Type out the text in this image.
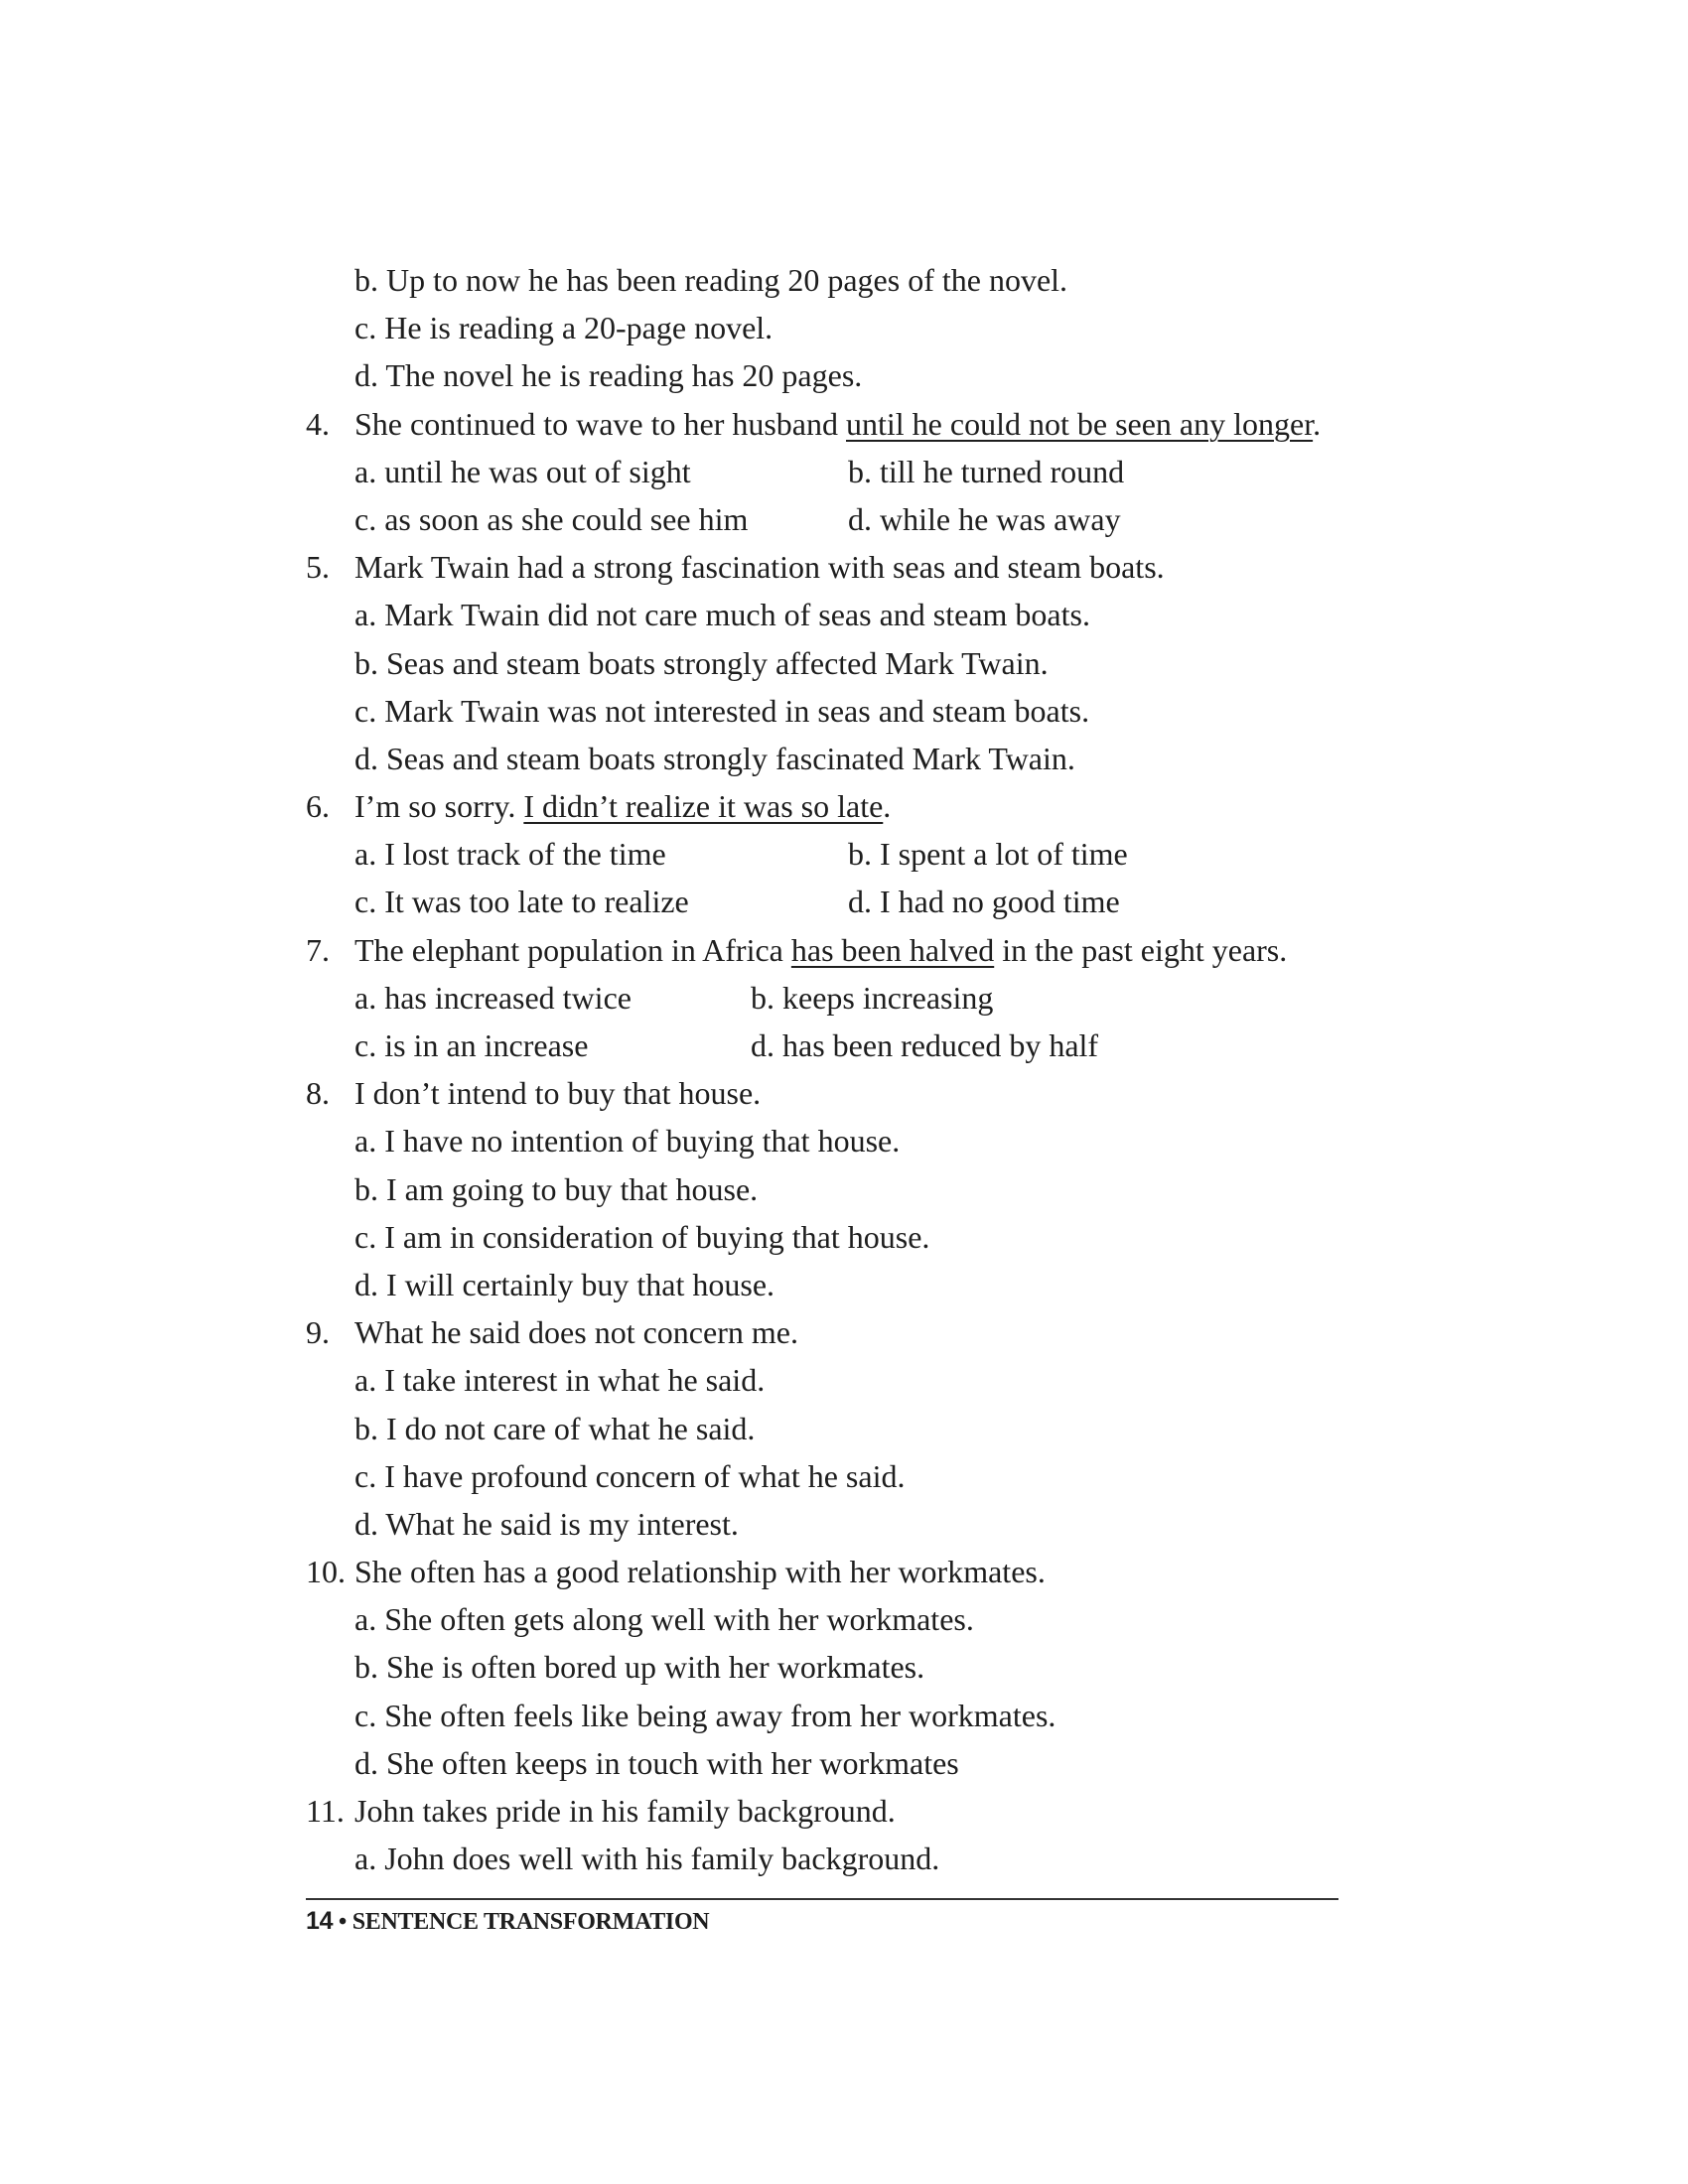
b. Up to now he has been reading 20 pages of the novel.
c. He is reading a 20-page novel.
d. The novel he is reading has 20 pages.
4. She continued to wave to her husband until he could not be seen any longer.
a. until he was out of sight	b. till he turned round
c. as soon as she could see him	d. while he was away
5. Mark Twain had a strong fascination with seas and steam boats.
a. Mark Twain did not care much of seas and steam boats.
b. Seas and steam boats strongly affected Mark Twain.
c. Mark Twain was not interested in seas and steam boats.
d. Seas and steam boats strongly fascinated Mark Twain.
6. I’m so sorry. I didn’t realize it was so late.
a. I lost track of the time	b. I spent a lot of time
c. It was too late to realize	d. I had no good time
7. The elephant population in Africa has been halved in the past eight years.
a. has increased twice	b. keeps increasing
c. is in an increase	d. has been reduced by half
8. I don’t intend to buy that house.
a. I have no intention of buying that house.
b. I am going to buy that house.
c. I am in consideration of buying that house.
d. I will certainly buy that house.
9. What he said does not concern me.
a. I take interest in what he said.
b. I do not care of what he said.
c. I have profound concern of what he said.
d. What he said is my interest.
10. She often has a good relationship with her workmates.
a. She often gets along well with her workmates.
b. She is often bored up with her workmates.
c. She often feels like being away from her workmates.
d. She often keeps in touch with her workmates
11. John takes pride in his family background.
a. John does well with his family background.
14 • SENTENCE TRANSFORMATION
